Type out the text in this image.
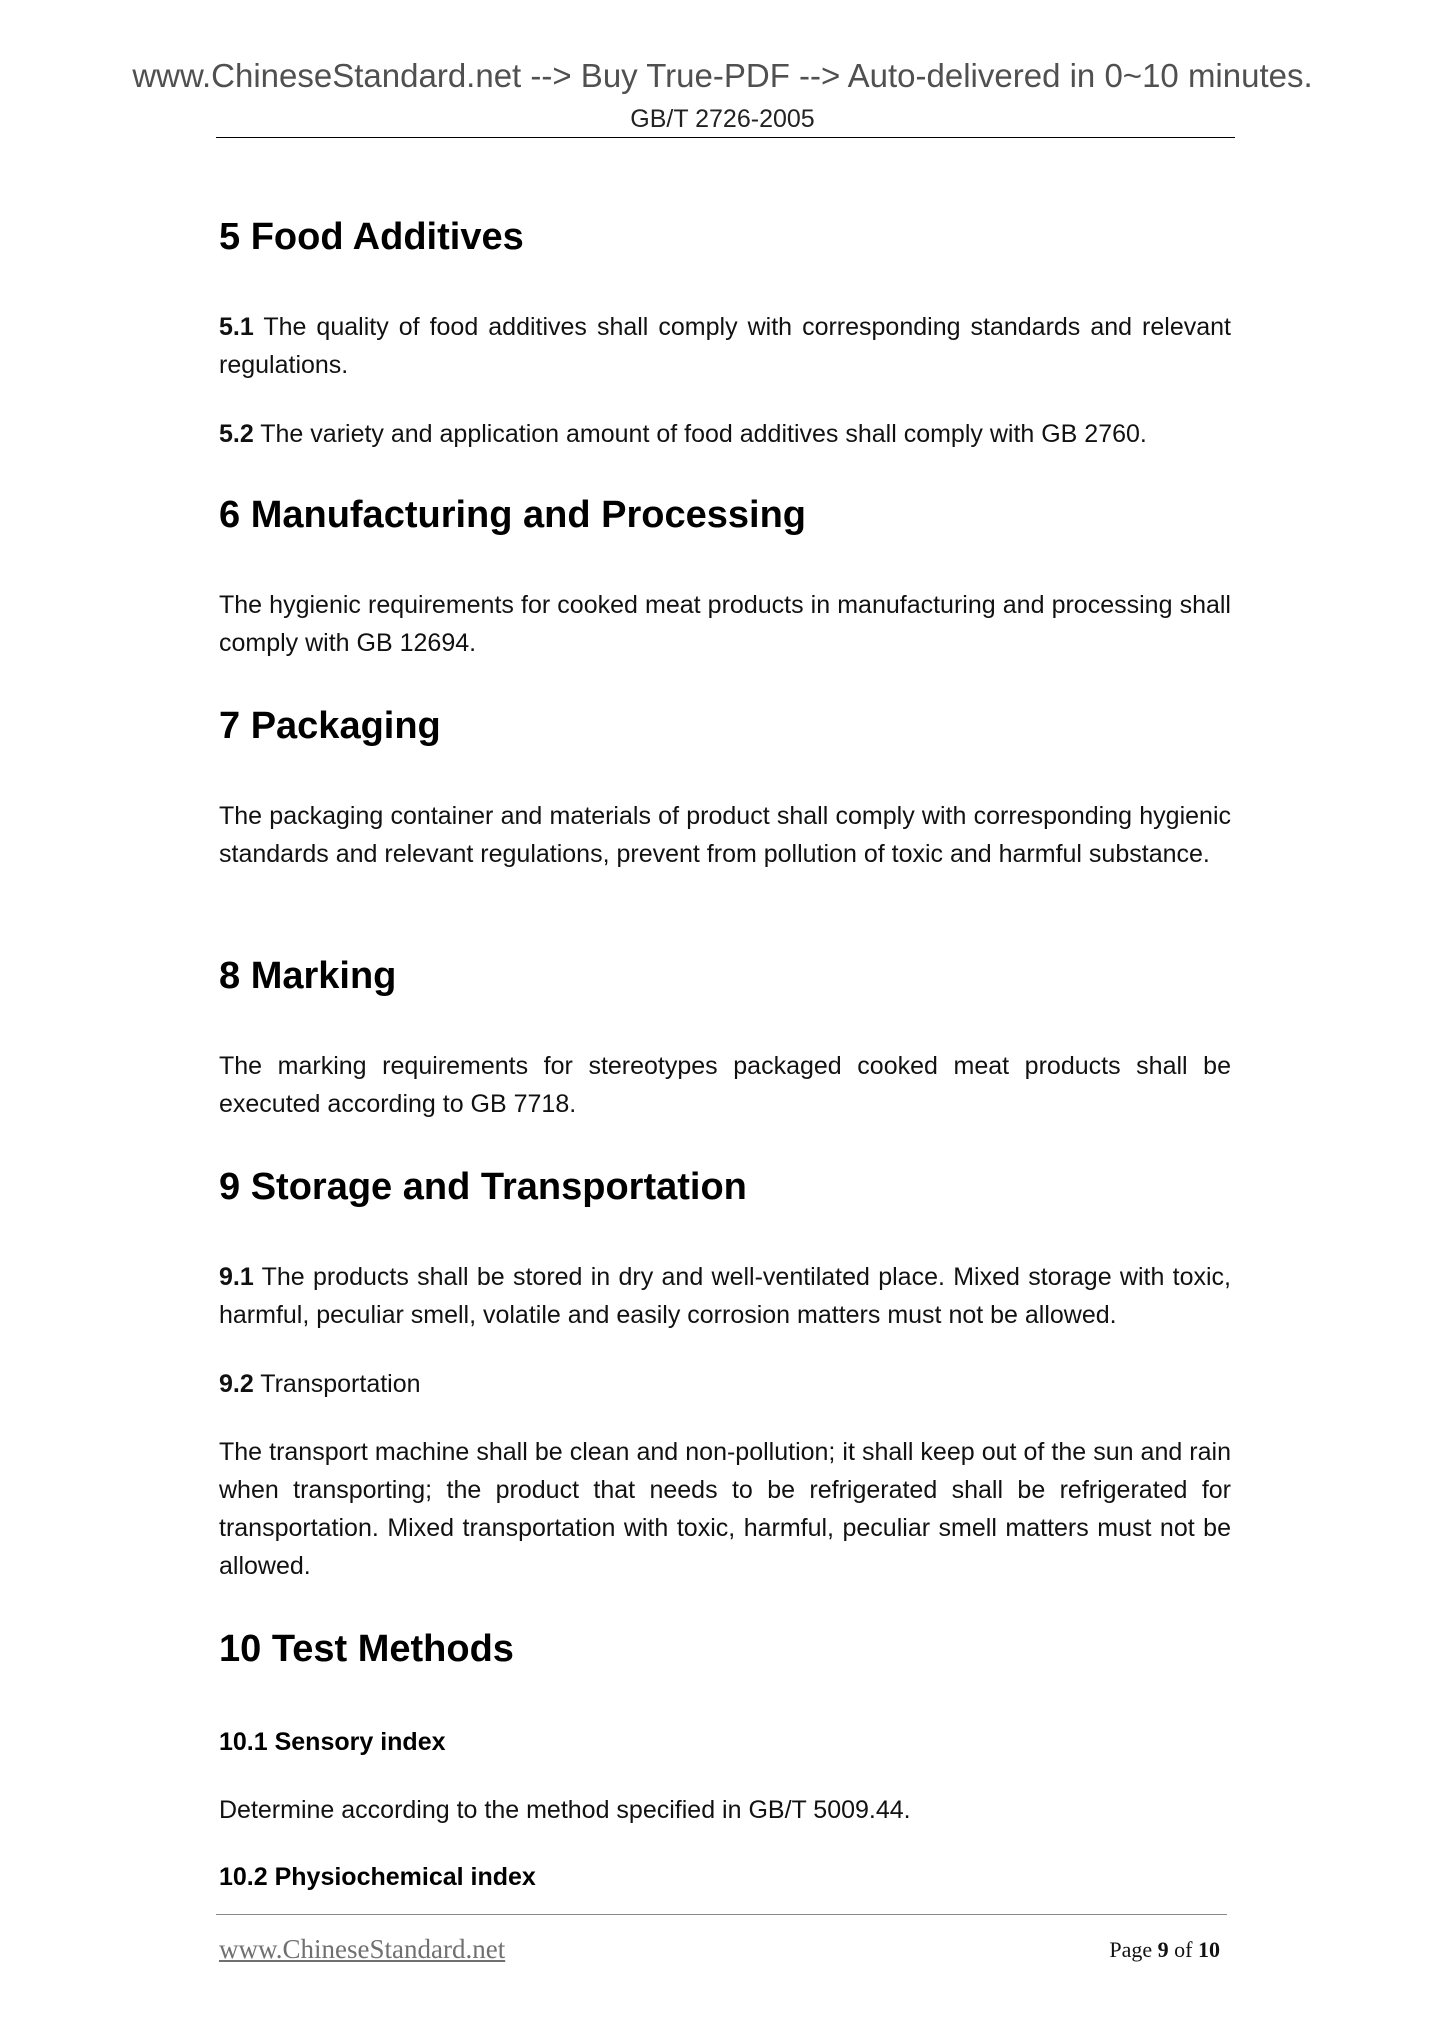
www.ChineseStandard.net --> Buy True-PDF --> Auto-delivered in 0~10 minutes.
GB/T 2726-2005
5 Food Additives
5.1 The quality of food additives shall comply with corresponding standards and relevant regulations.
5.2 The variety and application amount of food additives shall comply with GB 2760.
6 Manufacturing and Processing
The hygienic requirements for cooked meat products in manufacturing and processing shall comply with GB 12694.
7 Packaging
The packaging container and materials of product shall comply with corresponding hygienic standards and relevant regulations, prevent from pollution of toxic and harmful substance.
8 Marking
The marking requirements for stereotypes packaged cooked meat products shall be executed according to GB 7718.
9 Storage and Transportation
9.1 The products shall be stored in dry and well-ventilated place. Mixed storage with toxic, harmful, peculiar smell, volatile and easily corrosion matters must not be allowed.
9.2 Transportation
The transport machine shall be clean and non-pollution; it shall keep out of the sun and rain when transporting; the product that needs to be refrigerated shall be refrigerated for transportation. Mixed transportation with toxic, harmful, peculiar smell matters must not be allowed.
10 Test Methods
10.1 Sensory index
Determine according to the method specified in GB/T 5009.44.
10.2 Physiochemical index
www.ChineseStandard.net	Page 9 of 10
